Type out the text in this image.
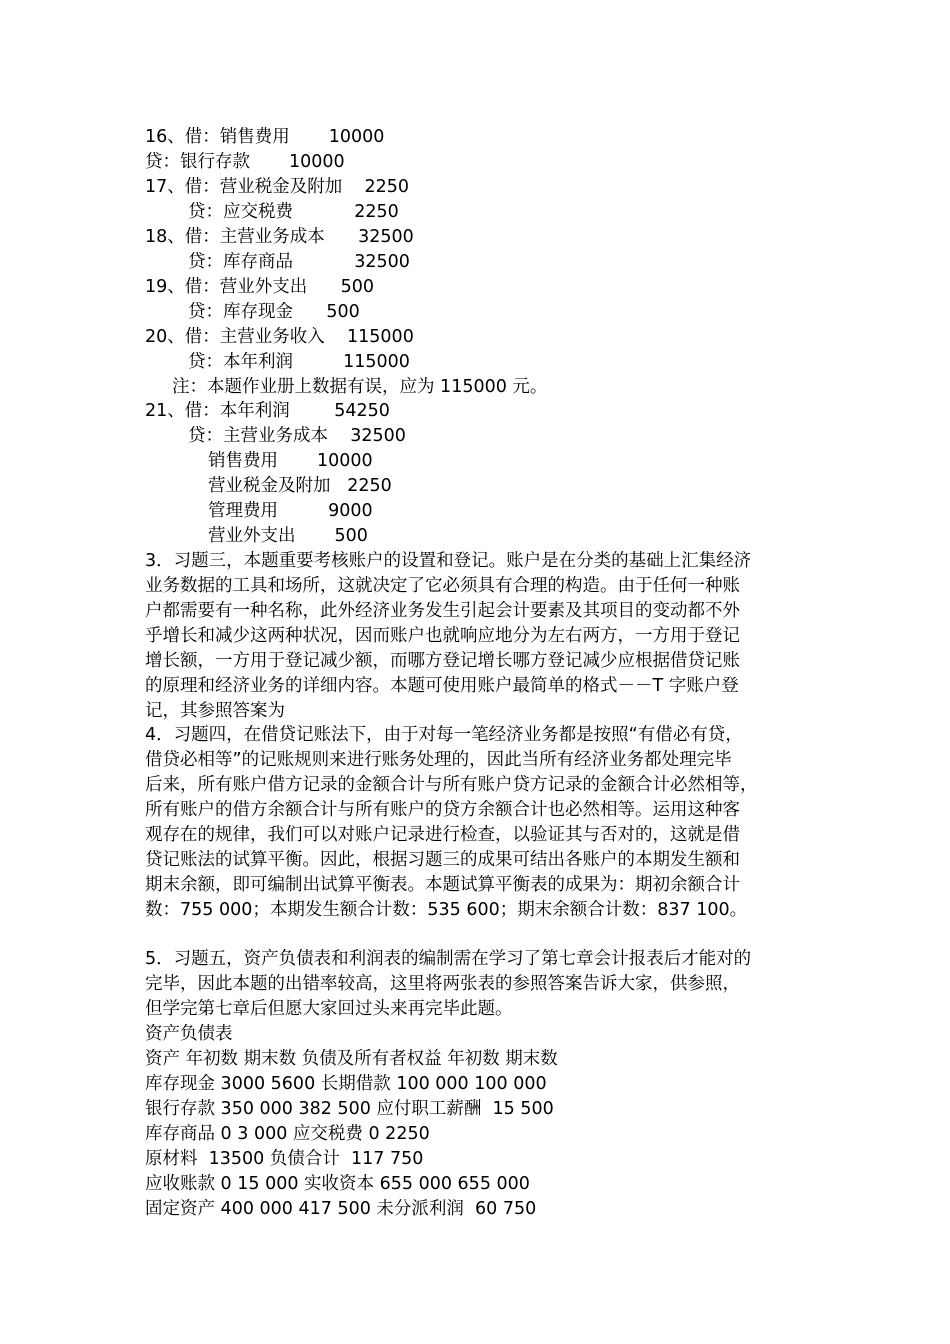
16、借：销售费用       10000

贷：银行存款       10000

17、借：营业税金及附加    2250

贷：应交税费           2250

18、借：主营业务成本      32500

贷：库存商品           32500

19、借：营业外支出      500

贷：库存现金      500

20、借：主营业务收入    115000

贷：本年利润         115000

注：本题作业册上数据有误，应为 115000 元。

21、借：本年利润        54250

贷：主营业务成本    32500

销售费用       10000

营业税金及附加   2250

管理费用         9000

营业外支出       500

3．习题三，本题重要考核账户的设置和登记。账户是在分类的基础上汇集经济

业务数据的工具和场所，这就决定了它必须具有合理的构造。由于任何一种账

户都需要有一种名称，此外经济业务发生引起会计要素及其项目的变动都不外

乎增长和减少这两种状况，因而账户也就响应地分为左右两方，一方用于登记

增长额，一方用于登记减少额，而哪方登记增长哪方登记减少应根据借贷记账

的原理和经济业务的详细内容。本题可使用账户最简单的格式－－T 字账户登

记，其参照答案为

4．习题四，在借贷记账法下，由于对每一笔经济业务都是按照“有借必有贷，

借贷必相等”的记账规则来进行账务处理的，因此当所有经济业务都处理完毕

后来，所有账户借方记录的金额合计与所有账户贷方记录的金额合计必然相等，

所有账户的借方余额合计与所有账户的贷方余额合计也必然相等。运用这种客

观存在的规律，我们可以对账户记录进行检查，以验证其与否对的，这就是借

贷记账法的试算平衡。因此，根据习题三的成果可结出各账户的本期发生额和

期末余额，即可编制出试算平衡表。本题试算平衡表的成果为：期初余额合计

数：755 000；本期发生额合计数：535 600；期末余额合计数：837 100。

5．习题五，资产负债表和利润表的编制需在学习了第七章会计报表后才能对的

完毕，因此本题的出错率较高，这里将两张表的参照答案告诉大家，供参照，

但学完第七章后但愿大家回过头来再完毕此题。

资产负债表

资产 年初数 期末数 负债及所有者权益 年初数 期末数

库存现金 3000 5600 长期借款 100 000 100 000

银行存款 350 000 382 500 应付职工薪酬  15 500

库存商品 0 3 000 应交税费 0 2250

原材料  13500 负债合计  117 750

应收账款 0 15 000 实收资本 655 000 655 000

固定资产 400 000 417 500 未分派利润  60 750
